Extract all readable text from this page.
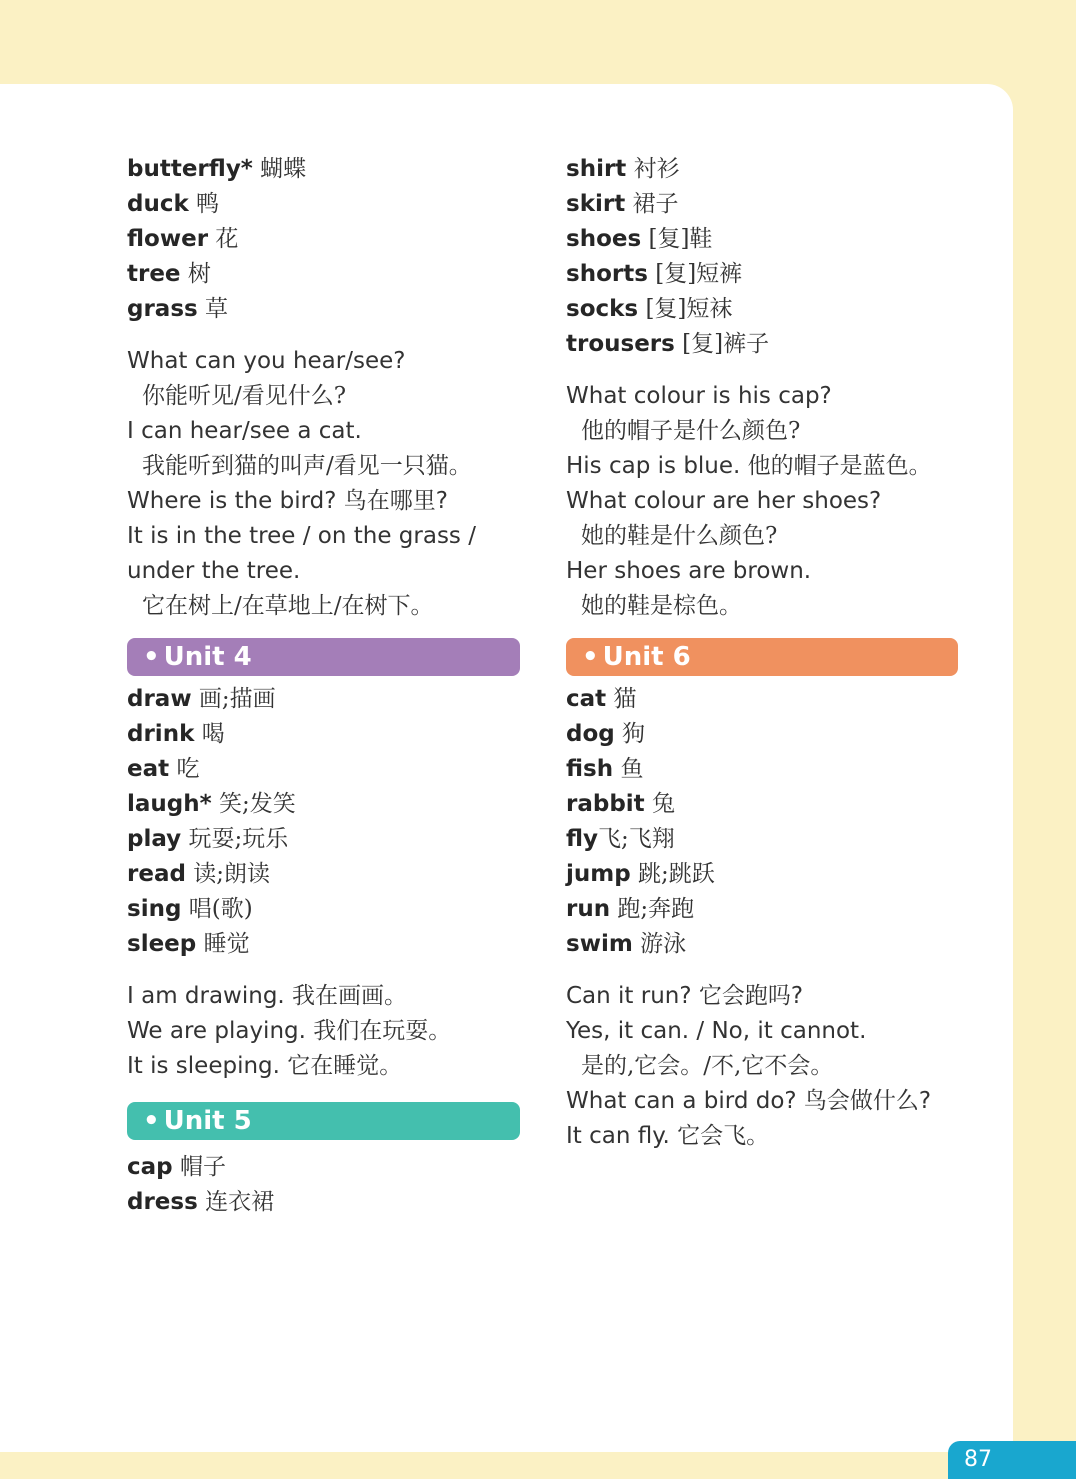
butterfly* 蝴蝶
duck 鸭
flower 花
tree 树
grass 草
What can you hear/see?
你能听见/看见什么?
I can hear/see a cat.
我能听到猫的叫声/看见一只猫。
Where is the bird? 鸟在哪里?
It is in the tree / on the grass /
under the tree.
它在树上/在草地上/在树下。
• Unit 4
draw 画;描画
drink 喝
eat 吃
laugh* 笑;发笑
play 玩耍;玩乐
read 读;朗读
sing 唱(歌)
sleep 睡觉
I am drawing. 我在画画。
We are playing. 我们在玩耍。
It is sleeping. 它在睡觉。
• Unit 5
cap 帽子
dress 连衣裙
shirt 衬衫
skirt 裙子
shoes [复]鞋
shorts [复]短裤
socks [复]短袜
trousers [复]裤子
What colour is his cap?
他的帽子是什么颜色?
His cap is blue. 他的帽子是蓝色。
What colour are her shoes?
她的鞋是什么颜色?
Her shoes are brown.
她的鞋是棕色。
• Unit 6
cat 猫
dog 狗
fish 鱼
rabbit 兔
fly飞;飞翔
jump 跳;跳跃
run 跑;奔跑
swim 游泳
Can it run? 它会跑吗?
Yes, it can. / No, it cannot.
是的,它会。/不,它不会。
What can a bird do? 鸟会做什么?
It can fly. 它会飞。
87
